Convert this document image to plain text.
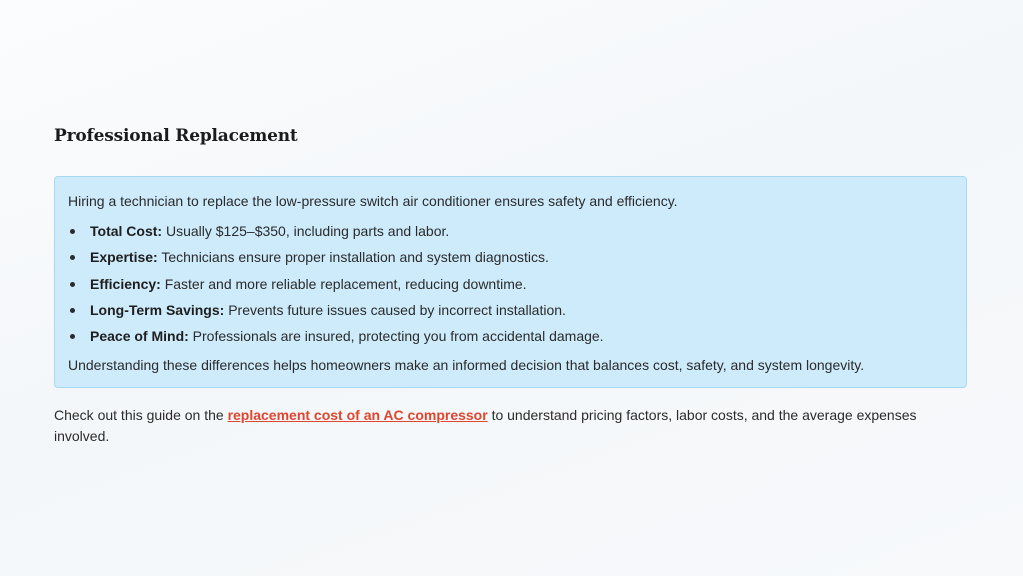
Professional Replacement

Hiring a technician to replace the low-pressure switch air conditioner ensures safety and efficiency.

Total Cost: Usually $125–$350, including parts and labor.
Expertise: Technicians ensure proper installation and system diagnostics.
Efficiency: Faster and more reliable replacement, reducing downtime.
Long-Term Savings: Prevents future issues caused by incorrect installation.
Peace of Mind: Professionals are insured, protecting you from accidental damage.

Understanding these differences helps homeowners make an informed decision that balances cost, safety, and system longevity.

Check out this guide on the replacement cost of an AC compressor to understand pricing factors, labor costs, and the average expenses involved.
